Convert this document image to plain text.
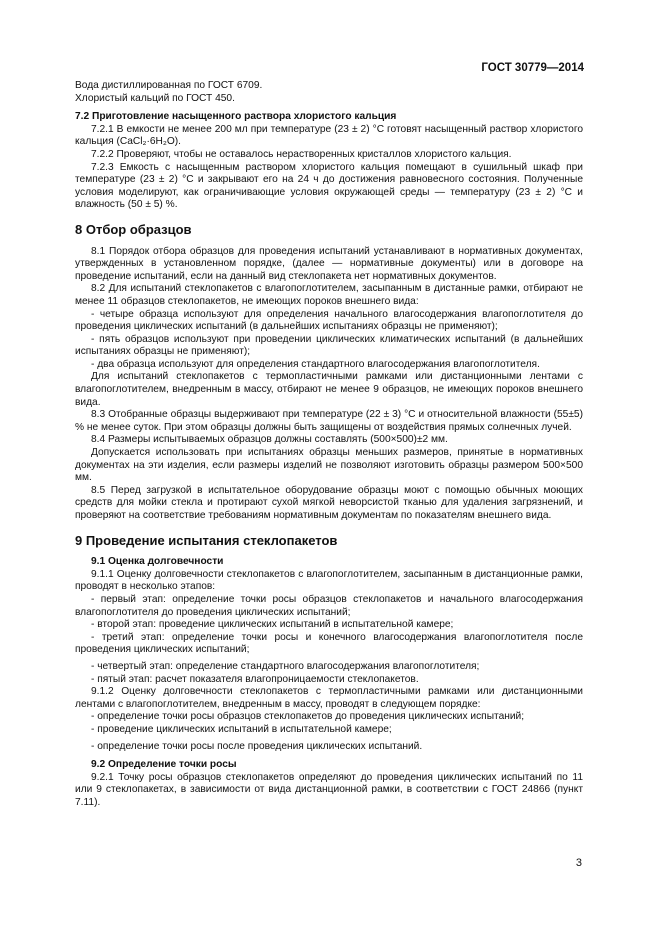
ГОСТ 30779—2014

Вода дистиллированная по ГОСТ 6709.

Хлористый кальций по ГОСТ 450.

7.2 Приготовление насыщенного раствора хлористого кальция

7.2.1 В емкости не менее 200 мл при температуре (23 ± 2) °С готовят насыщенный раствор хлористого кальция (CaCl₂·6H₂O).

7.2.2 Проверяют, чтобы не оставалось нерастворенных кристаллов хлористого кальция.

7.2.3 Емкость с насыщенным раствором хлористого кальция помещают в сушильный шкаф при температуре (23 ± 2) °С и закрывают его на 24 ч до достижения равновесного состояния. Полученные условия моделируют, как ограничивающие условия окружающей среды — температуру (23 ± 2) °С и влажность (50 ± 5) %.

8 Отбор образцов

8.1 Порядок отбора образцов для проведения испытаний устанавливают в нормативных документах, утвержденных в установленном порядке, (далее — нормативные документы) или в договоре на проведение испытаний, если на данный вид стеклопакета нет нормативных документов.

8.2 Для испытаний стеклопакетов с влагопоглотителем, засыпанным в дистанные рамки, отбирают не менее 11 образцов стеклопакетов, не имеющих пороков внешнего вида:

- четыре образца используют для определения начального влагосодержания влагопоглотителя до проведения циклических испытаний (в дальнейших испытаниях образцы не применяют);

- пять образцов используют при проведении циклических климатических испытаний (в дальнейших испытаниях образцы не применяют);

- два образца используют для определения стандартного влагосодержания влагопоглотителя.

Для испытаний стеклопакетов с термопластичными рамками или дистанционными лентами с влагопоглотителем, внедренным в массу, отбирают не менее 9 образцов, не имеющих пороков внешнего вида.

8.3 Отобранные образцы выдерживают при температуре (22 ± 3) °С и относительной влажности (55±5) % не менее суток. При этом образцы должны быть защищены от воздействия прямых солнечных лучей.

8.4 Размеры испытываемых образцов должны составлять (500×500)±2 мм.

Допускается использовать при испытаниях образцы меньших размеров, принятые в нормативных документах на эти изделия, если размеры изделий не позволяют изготовить образцы размером 500×500 мм.

8.5 Перед загрузкой в испытательное оборудование образцы моют с помощью обычных моющих средств для мойки стекла и протирают сухой мягкой неворсистой тканью для удаления загрязнений, и проверяют на соответствие требованиям нормативным документам по показателям внешнего вида.

9 Проведение испытания стеклопакетов

9.1 Оценка долговечности

9.1.1 Оценку долговечности стеклопакетов с влагопоглотителем, засыпанным в дистанционные рамки, проводят в несколько этапов:

- первый этап: определение точки росы образцов стеклопакетов и начального влагосодержания влагопоглотителя до проведения циклических испытаний;

- второй этап: проведение циклических испытаний в испытательной камере;

- третий этап: определение точки росы и конечного влагосодержания влагопоглотителя после проведения циклических испытаний;

- четвертый этап: определение стандартного влагосодержания влагопоглотителя;

- пятый этап: расчет показателя влагопроницаемости стеклопакетов.

9.1.2 Оценку долговечности стеклопакетов с термопластичными рамками или дистанционными лентами с влагопоглотителем, внедренным в массу, проводят в следующем порядке:

- определение точки росы образцов стеклопакетов до проведения циклических испытаний;

- проведение циклических испытаний в испытательной камере;

- определение точки росы после проведения циклических испытаний.

9.2 Определение точки росы

9.2.1 Точку росы образцов стеклопакетов определяют до проведения циклических испытаний по 11 или 9 стеклопакетах, в зависимости от вида дистанционной рамки, в соответствии с ГОСТ 24866 (пункт 7.11).

3
